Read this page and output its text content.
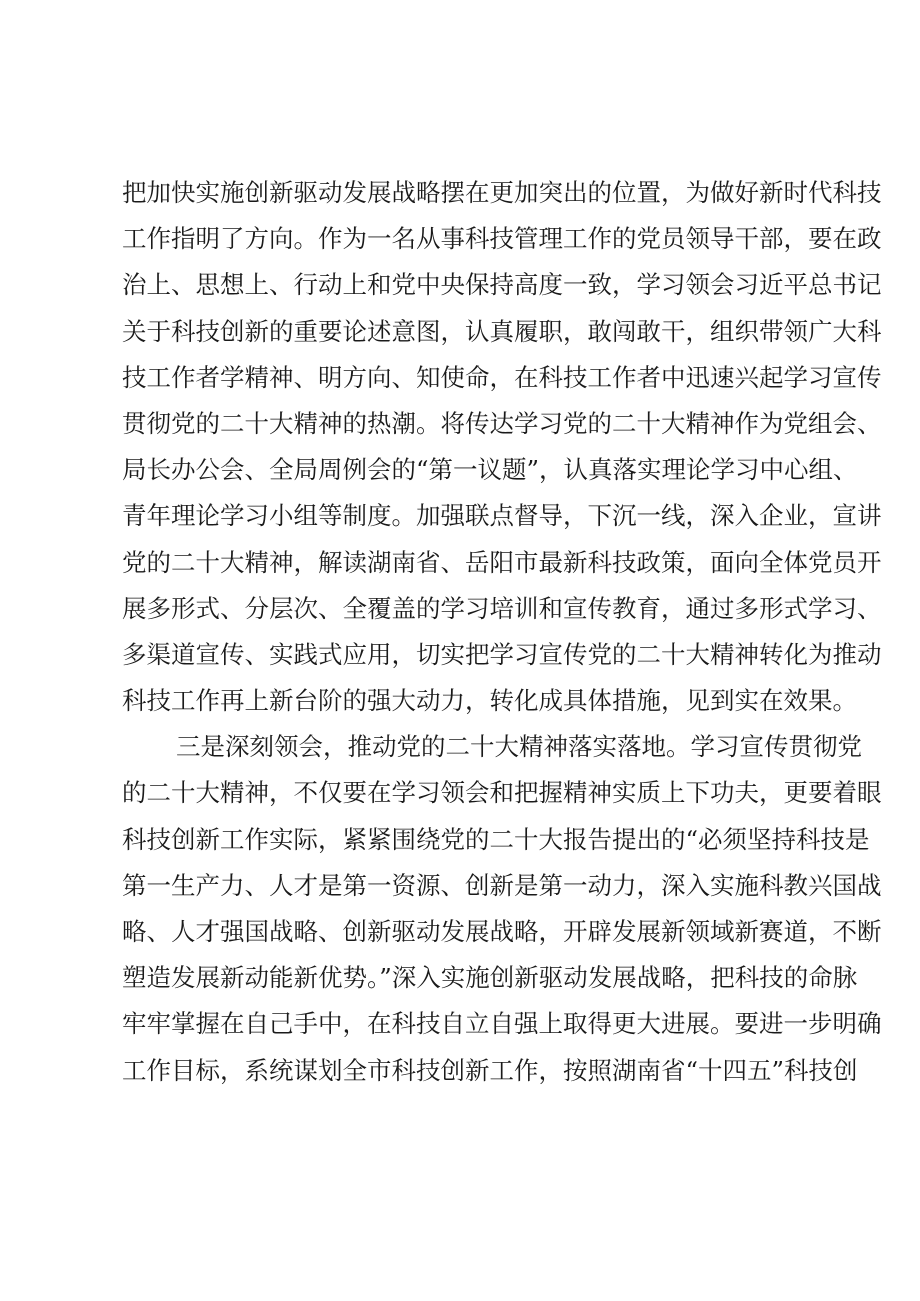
把加快实施创新驱动发展战略摆在更加突出的位置，为做好新时代科技
工作指明了方向。作为一名从事科技管理工作的党员领导干部，要在政
治上、思想上、行动上和党中央保持高度一致，学习领会习近平总书记
关于科技创新的重要论述意图，认真履职，敢闯敢干，组织带领广大科
技工作者学精神、明方向、知使命，在科技工作者中迅速兴起学习宣传
贯彻党的二十大精神的热潮。将传达学习党的二十大精神作为党组会、
局长办公会、全局周例会的“第一议题”，认真落实理论学习中心组、
青年理论学习小组等制度。加强联点督导，下沉一线，深入企业，宣讲
党的二十大精神，解读湖南省、岳阳市最新科技政策，面向全体党员开
展多形式、分层次、全覆盖的学习培训和宣传教育，通过多形式学习、
多渠道宣传、实践式应用，切实把学习宣传党的二十大精神转化为推动
科技工作再上新台阶的强大动力，转化成具体措施，见到实在效果。
三是深刻领会，推动党的二十大精神落实落地。学习宣传贯彻党
的二十大精神，不仅要在学习领会和把握精神实质上下功夫，更要着眼
科技创新工作实际，紧紧围绕党的二十大报告提出的“必须坚持科技是
第一生产力、人才是第一资源、创新是第一动力，深入实施科教兴国战
略、人才强国战略、创新驱动发展战略，开辟发展新领域新赛道，不断
塑造发展新动能新优势。”深入实施创新驱动发展战略，把科技的命脉
牢牢掌握在自己手中，在科技自立自强上取得更大进展。要进一步明确
工作目标，系统谋划全市科技创新工作，按照湖南省“十四五”科技创
